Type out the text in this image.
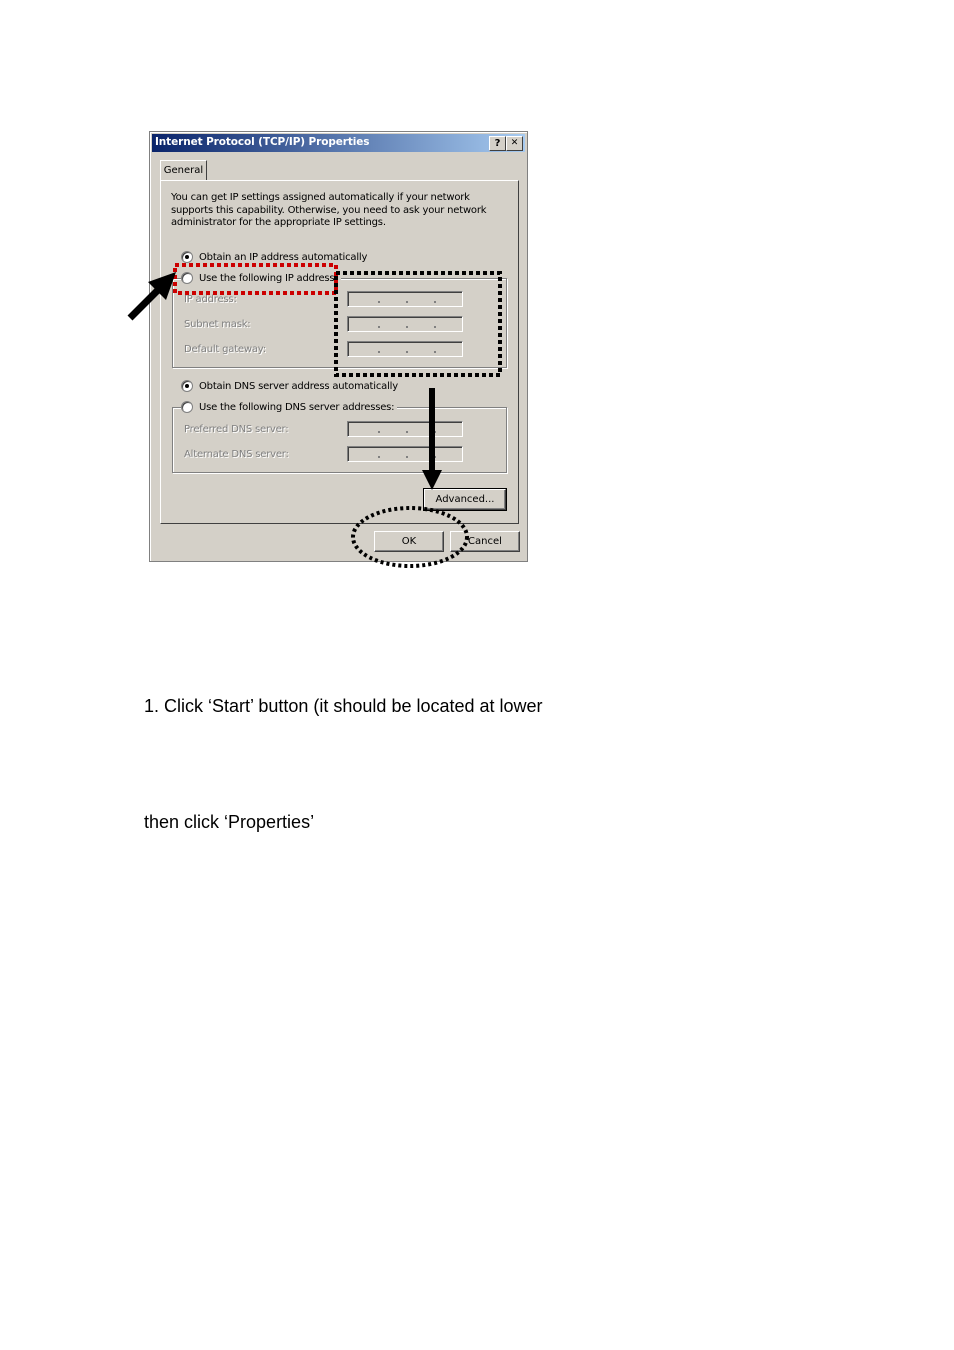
Internet Protocol (TCP/IP) Properties	?	✕
General
You can get IP settings assigned automatically if your network supports this capability. Otherwise, you need to ask your network administrator for the appropriate IP settings.
Obtain an IP address automatically
Use the following IP address:
IP address:
Subnet mask:
Default gateway:
Obtain DNS server address automatically
Use the following DNS server addresses:
Preferred DNS server:
Alternate DNS server:
Advanced...
OK	Cancel
1. Click ‘Start’ button (it should be located at lower
then click ‘Properties’
